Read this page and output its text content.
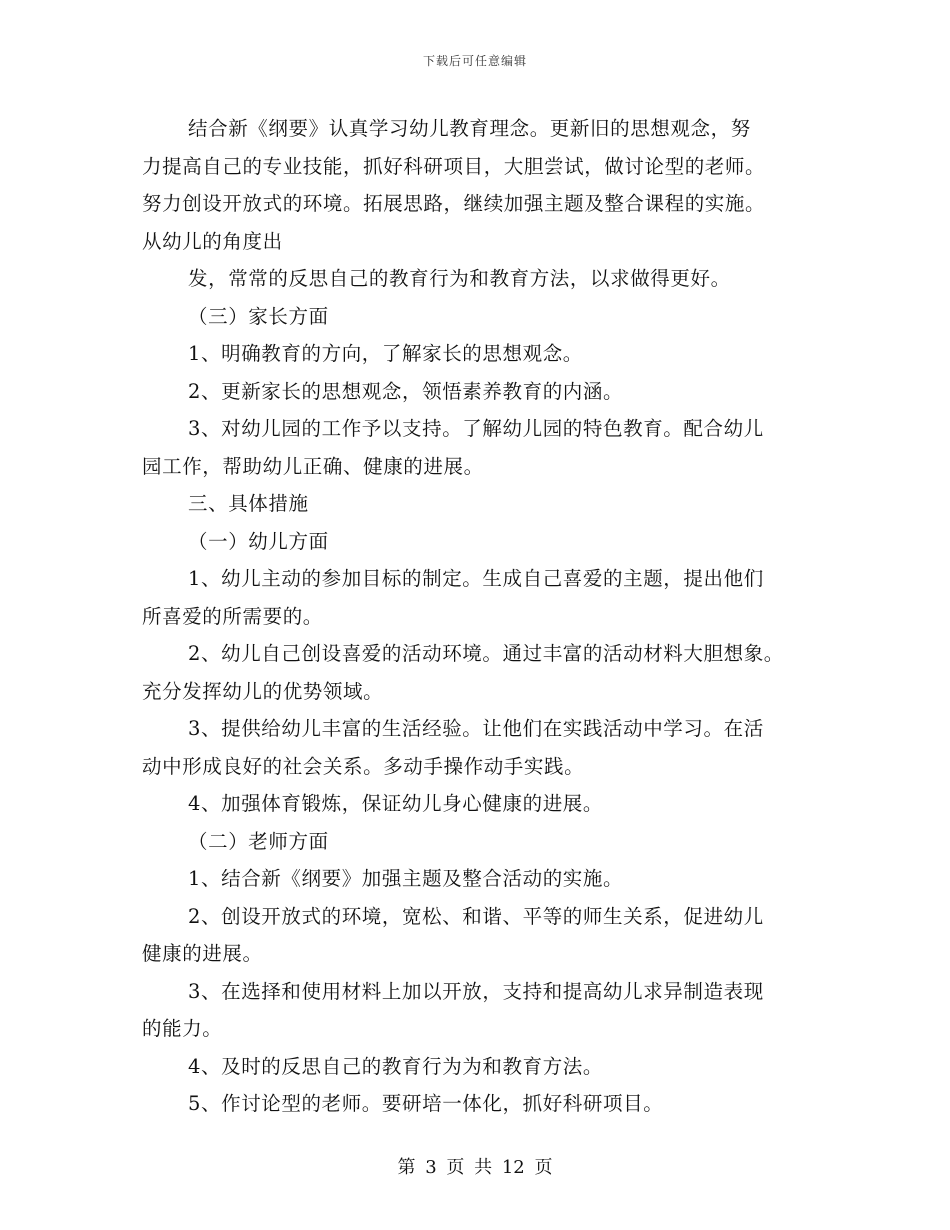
下载后可任意编辑
结合新《纲要》认真学习幼儿教育理念。更新旧的思想观念，努
力提高自己的专业技能，抓好科研项目，大胆尝试，做讨论型的老师。
努力创设开放式的环境。拓展思路，继续加强主题及整合课程的实施。
从幼儿的角度出
发，常常的反思自己的教育行为和教育方法，以求做得更好。
（三）家长方面
1、明确教育的方向，了解家长的思想观念。
2、更新家长的思想观念，领悟素养教育的内涵。
3、对幼儿园的工作予以支持。了解幼儿园的特色教育。配合幼儿
园工作，帮助幼儿正确、健康的进展。
三、具体措施
（一）幼儿方面
1、幼儿主动的参加目标的制定。生成自己喜爱的主题，提出他们
所喜爱的所需要的。
2、幼儿自己创设喜爱的活动环境。通过丰富的活动材料大胆想象。
充分发挥幼儿的优势领域。
3、提供给幼儿丰富的生活经验。让他们在实践活动中学习。在活
动中形成良好的社会关系。多动手操作动手实践。
4、加强体育锻炼，保证幼儿身心健康的进展。
（二）老师方面
1、结合新《纲要》加强主题及整合活动的实施。
2、创设开放式的环境，宽松、和谐、平等的师生关系，促进幼儿
健康的进展。
3、在选择和使用材料上加以开放，支持和提高幼儿求异制造表现
的能力。
4、及时的反思自己的教育行为为和教育方法。
5、作讨论型的老师。要研培一体化，抓好科研项目。
第 3 页 共 12 页
